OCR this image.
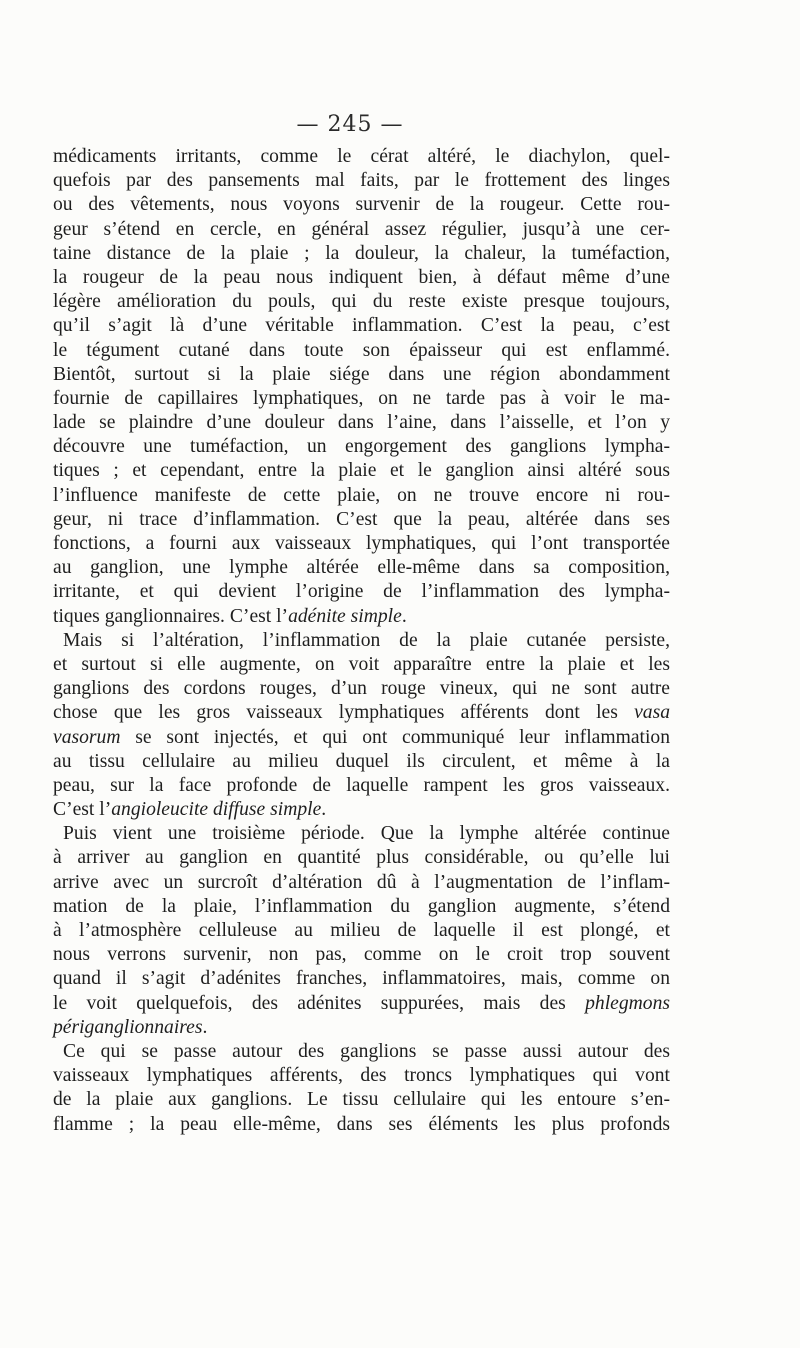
— 245 —
médicaments irritants, comme le cérat altéré, le diachylon, quel-
quefois par des pansements mal faits, par le frottement des linges
ou des vêtements, nous voyons survenir de la rougeur. Cette rou-
geur s’étend en cercle, en général assez régulier, jusqu’à une cer-
taine distance de la plaie ; la douleur, la chaleur, la tuméfaction,
la rougeur de la peau nous indiquent bien, à défaut même d’une
légère amélioration du pouls, qui du reste existe presque toujours,
qu’il s’agit là d’une véritable inflammation. C’est la peau, c’est
le tégument cutané dans toute son épaisseur qui est enflammé.
Bientôt, surtout si la plaie siége dans une région abondamment
fournie de capillaires lymphatiques, on ne tarde pas à voir le ma-
lade se plaindre d’une douleur dans l’aine, dans l’aisselle, et l’on y
découvre une tuméfaction, un engorgement des ganglions lympha-
tiques ; et cependant, entre la plaie et le ganglion ainsi altéré sous
l’influence manifeste de cette plaie, on ne trouve encore ni rou-
geur, ni trace d’inflammation. C’est que la peau, altérée dans ses
fonctions, a fourni aux vaisseaux lymphatiques, qui l’ont transportée
au ganglion, une lymphe altérée elle-même dans sa composition,
irritante, et qui devient l’origine de l’inflammation des lympha-
tiques ganglionnaires. C’est l’adénite simple.
Mais si l’altération, l’inflammation de la plaie cutanée persiste,
et surtout si elle augmente, on voit apparaître entre la plaie et les
ganglions des cordons rouges, d’un rouge vineux, qui ne sont autre
chose que les gros vaisseaux lymphatiques afférents dont les vasa
vasorum se sont injectés, et qui ont communiqué leur inflammation
au tissu cellulaire au milieu duquel ils circulent, et même à la
peau, sur la face profonde de laquelle rampent les gros vaisseaux.
C’est l’angioleucite diffuse simple.
Puis vient une troisième période. Que la lymphe altérée continue
à arriver au ganglion en quantité plus considérable, ou qu’elle lui
arrive avec un surcroît d’altération dû à l’augmentation de l’inflam-
mation de la plaie, l’inflammation du ganglion augmente, s’étend
à l’atmosphère celluleuse au milieu de laquelle il est plongé, et
nous verrons survenir, non pas, comme on le croit trop souvent
quand il s’agit d’adénites franches, inflammatoires, mais, comme on
le voit quelquefois, des adénites suppurées, mais des phlegmons
périganglionnaires.
Ce qui se passe autour des ganglions se passe aussi autour des
vaisseaux lymphatiques afférents, des troncs lymphatiques qui vont
de la plaie aux ganglions. Le tissu cellulaire qui les entoure s’en-
flamme ; la peau elle-même, dans ses éléments les plus profonds
